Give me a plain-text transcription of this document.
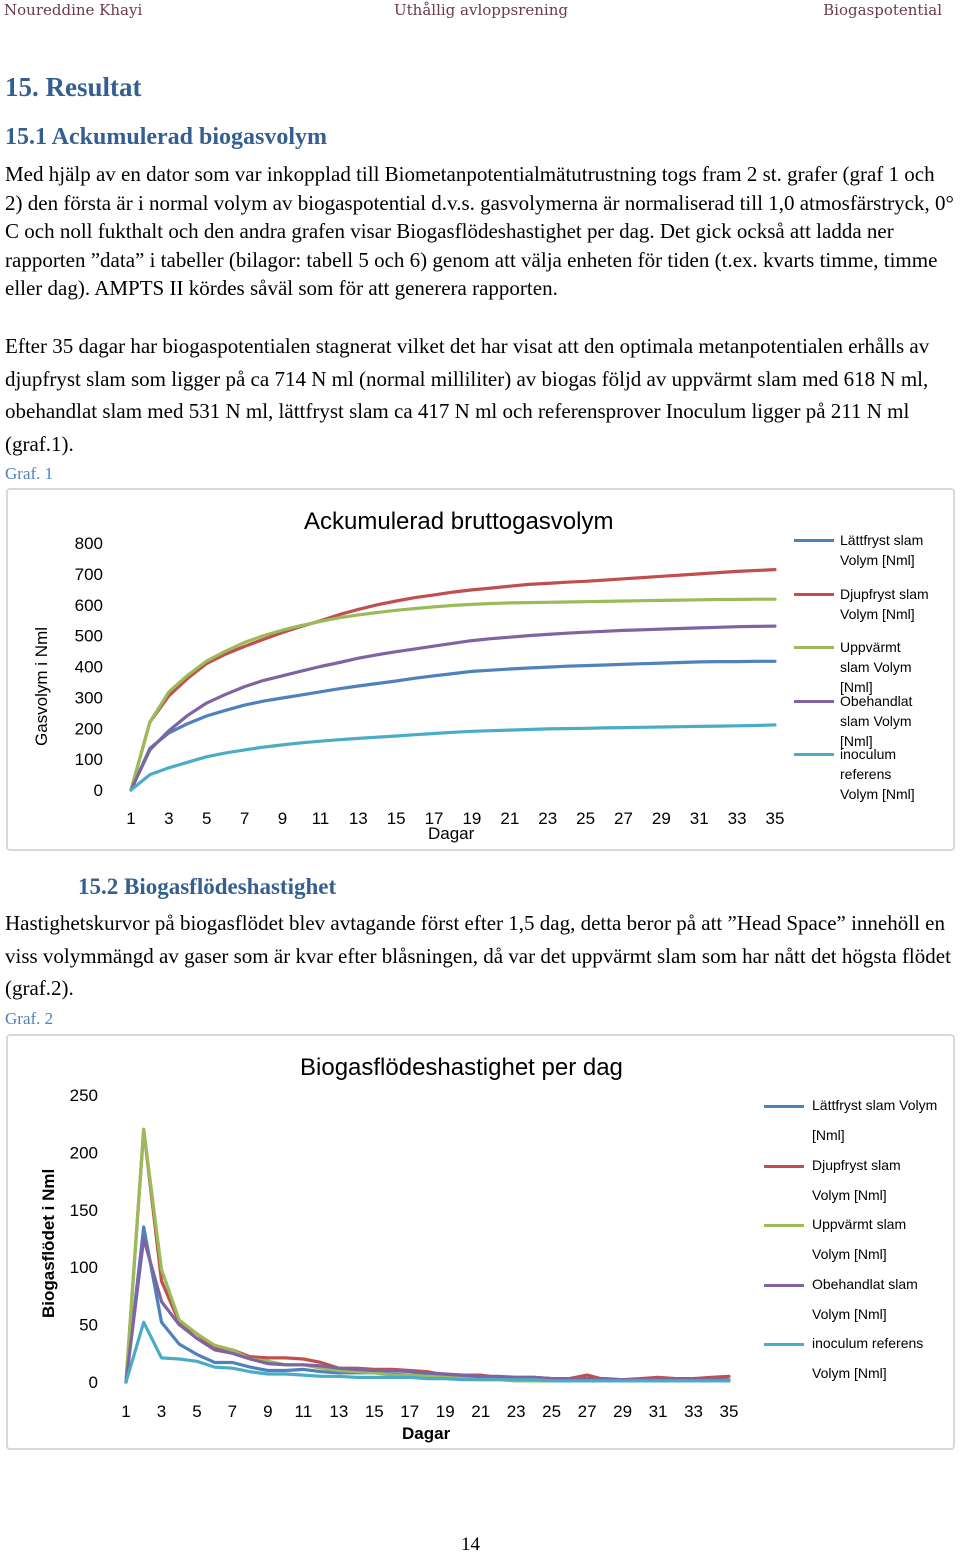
Noureddine Khayi	Uthållig avloppsrening	Biogaspotential
15. Resultat
15.1 Ackumulerad biogasvolym
Med hjälp av en dator som var inkopplad till Biometanpotentialmätutrustning togs fram 2 st. grafer (graf 1 och 2) den första är i normal volym av biogaspotential d.v.s. gasvolymerna är normaliserad till 1,0 atmosfärstryck, 0° C och noll fukthalt och den andra grafen visar Biogasflödeshastighet per dag. Det gick också att ladda ner rapporten ”data” i tabeller (bilagor: tabell 5 och 6) genom att välja enheten för tiden (t.ex. kvarts timme, timme eller dag). AMPTS II kördes såväl som för att generera rapporten.
Efter 35 dagar har biogaspotentialen stagnerat vilket det har visat att den optimala metanpotentialen erhålls av djupfryst slam som ligger på ca 714 N ml (normal milliliter) av biogas följd av uppvärmt slam med 618 N ml, obehandlat slam med 531 N ml, lättfryst slam ca 417 N ml och referensprover Inoculum ligger på 211 N ml (graf.1).
Graf. 1
0
100
200
300
400
500
600
700
800
1 3 5 7 9 11 13 15 17 19 21 23 25 27 29 31 33 35
Ackumulerad bruttogasvolym
Gasvolym i Nml
Dagar
Lättfryst slam Volym [Nml]
Djupfryst slam Volym [Nml]
Uppvärmt slam Volym [Nml]
Obehandlat slam Volym [Nml]
inoculum referens Volym [Nml]
15.2 Biogasflödeshastighet
Hastighetskurvor på biogasflödet blev avtagande först efter 1,5 dag, detta beror på att ”Head Space” innehöll en viss volymmängd av gaser som är kvar efter blåsningen, då var det uppvärmt slam som har nått det högsta flödet (graf.2).
Graf. 2
0
50
100
150
200
250
1 3 5 7 9 11 13 15 17 19 21 23 25 27 29 31 33 35
Biogasflödeshastighet per dag
Biogasflödet i Nml
Dagar
Lättfryst slam Volym [Nml]
Djupfryst slam Volym [Nml]
Uppvärmt slam Volym [Nml]
Obehandlat slam Volym [Nml]
inoculum referens Volym [Nml]
14
